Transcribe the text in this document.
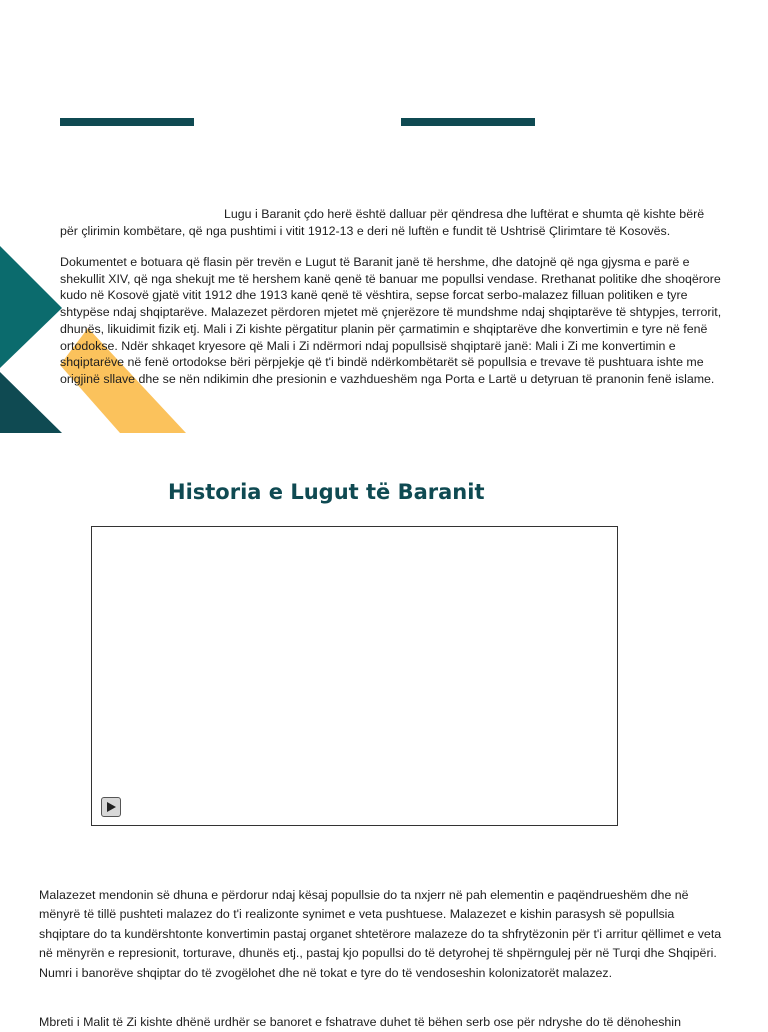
Lugu i Baranit çdo herë është dalluar për qëndresa dhe luftërat e shumta që kishte bërë për çlirimin kombëtare, që nga pushtimi i vitit 1912-13 e deri në luftën e fundit të Ushtrisë Çlirimtare të Kosovës.

Dokumentet e botuara që flasin për trevën e Lugut të Baranit janë të hershme, dhe datojnë që nga gjysma e parë e shekullit XIV, që nga shekujt me të hershem kanë qenë të banuar me popullsi vendase. Rrethanat politike dhe shoqërore kudo në Kosovë gjatë vitit 1912 dhe 1913 kanë qenë të vështira, sepse forcat serbo-malazez filluan politiken e tyre shtypëse ndaj shqiptarëve. Malazezet përdoren mjetet më çnjerëzore të mundshme ndaj shqiptarëve të shtypjes, terrorit, dhunës, likuidimit fizik etj. Mali i Zi kishte përgatitur planin për çarmatimin e shqiptarëve dhe konvertimin e tyre në fenë ortodokse. Ndër shkaqet kryesore që Mali i Zi ndërmori ndaj popullsisë shqiptarë janë: Mali i Zi me konvertimin e shqiptarëve në fenë ortodokse bëri përpjekje që t'i bindë ndërkombëtarët së popullsia e trevave të pushtuara ishte me origjinë sllave dhe se nën ndikimin dhe presionin e vazhdueshëm nga Porta e Lartë u detyruan të pranonin fenë islame.

Historia e Lugut të Baranit

Malazezet mendonin së dhuna e përdorur ndaj kësaj popullsie do ta nxjerr në pah elementin e paqëndrueshëm dhe në mënyrë të tillë pushteti malazez do t'i realizonte synimet e veta pushtuese. Malazezet e kishin parasysh së popullsia shqiptare do ta kundërshtonte konvertimin pastaj organet shtetërore malazeze do ta shfrytëzonin për t'i arritur qëllimet e veta në mënyrën e represionit, torturave, dhunës etj., pastaj kjo popullsi do të detyrohej të shpërngulej për në Turqi dhe Shqipëri. Numri i banorëve shqiptar do të zvogëlohet dhe në tokat e tyre do të vendoseshin kolonizatorët malazez.

Mbreti i Malit të Zi kishte dhënë urdhër se banoret e fshatrave duhet të bëhen serb ose për ndryshe do të dënoheshin
